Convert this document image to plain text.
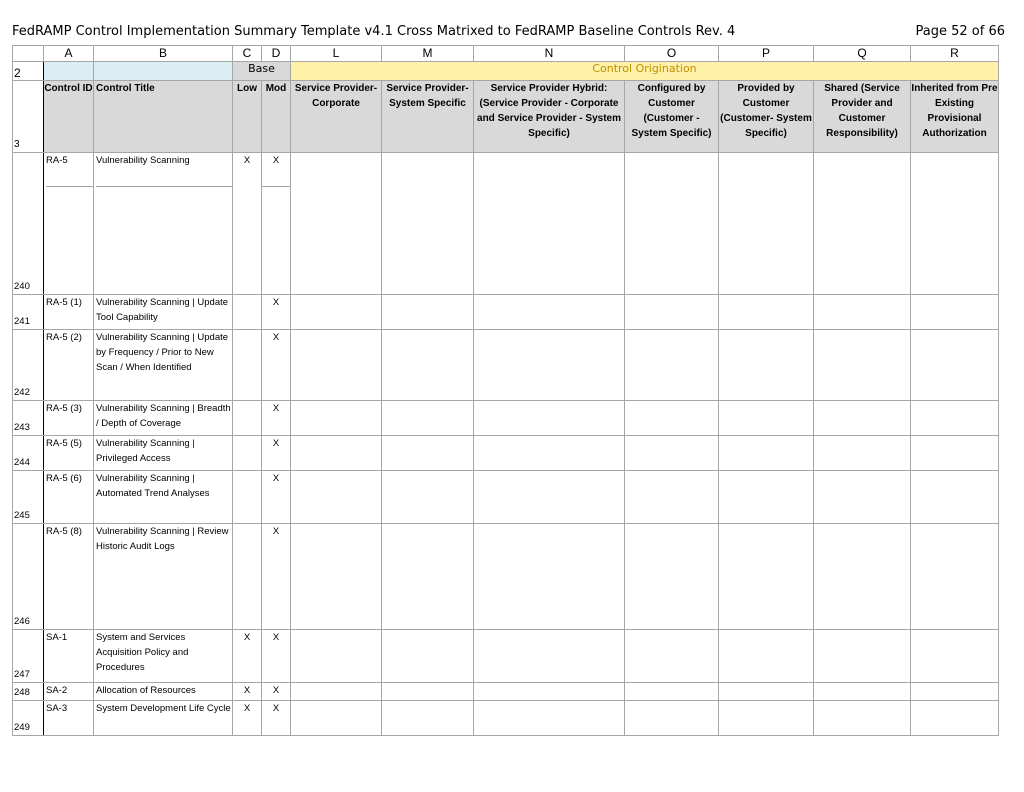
FedRAMP Control Implementation Summary Template v4.1 Cross Matrixed to FedRAMP Baseline Controls Rev. 4	Page 52 of 66
	A	B	C	D	L	M	N	O	P	Q	R
2			Base		Control Origination						
3	Control ID	Control Title	Low	Mod	Service Provider- Corporate	Service Provider- System Specific	Service Provider Hybrid: (Service Provider - Corporate and Service Provider - System Specific)	Configured by Customer (Customer - System Specific)	Provided by Customer (Customer- System Specific)	Shared (Service Provider and Customer Responsibility)	Inherited from Pre Existing Provisional Authorization
240	RA-5	Vulnerability Scanning	X	X							

241	RA-5 (1)	Vulnerability Scanning | Update Tool Capability		X							
242	RA-5 (2)	Vulnerability Scanning | Update by Frequency / Prior to New Scan / When Identified		X							
243	RA-5 (3)	Vulnerability Scanning | Breadth / Depth of Coverage		X							
244	RA-5 (5)	Vulnerability Scanning | Privileged Access		X							
245	RA-5 (6)	Vulnerability Scanning | Automated Trend Analyses		X							
246	RA-5 (8)	Vulnerability Scanning | Review Historic Audit Logs		X							
247	SA-1	System and Services Acquisition Policy and Procedures	X	X							
248	SA-2	Allocation of Resources	X	X							
249	SA-3	System Development Life Cycle	X	X							
